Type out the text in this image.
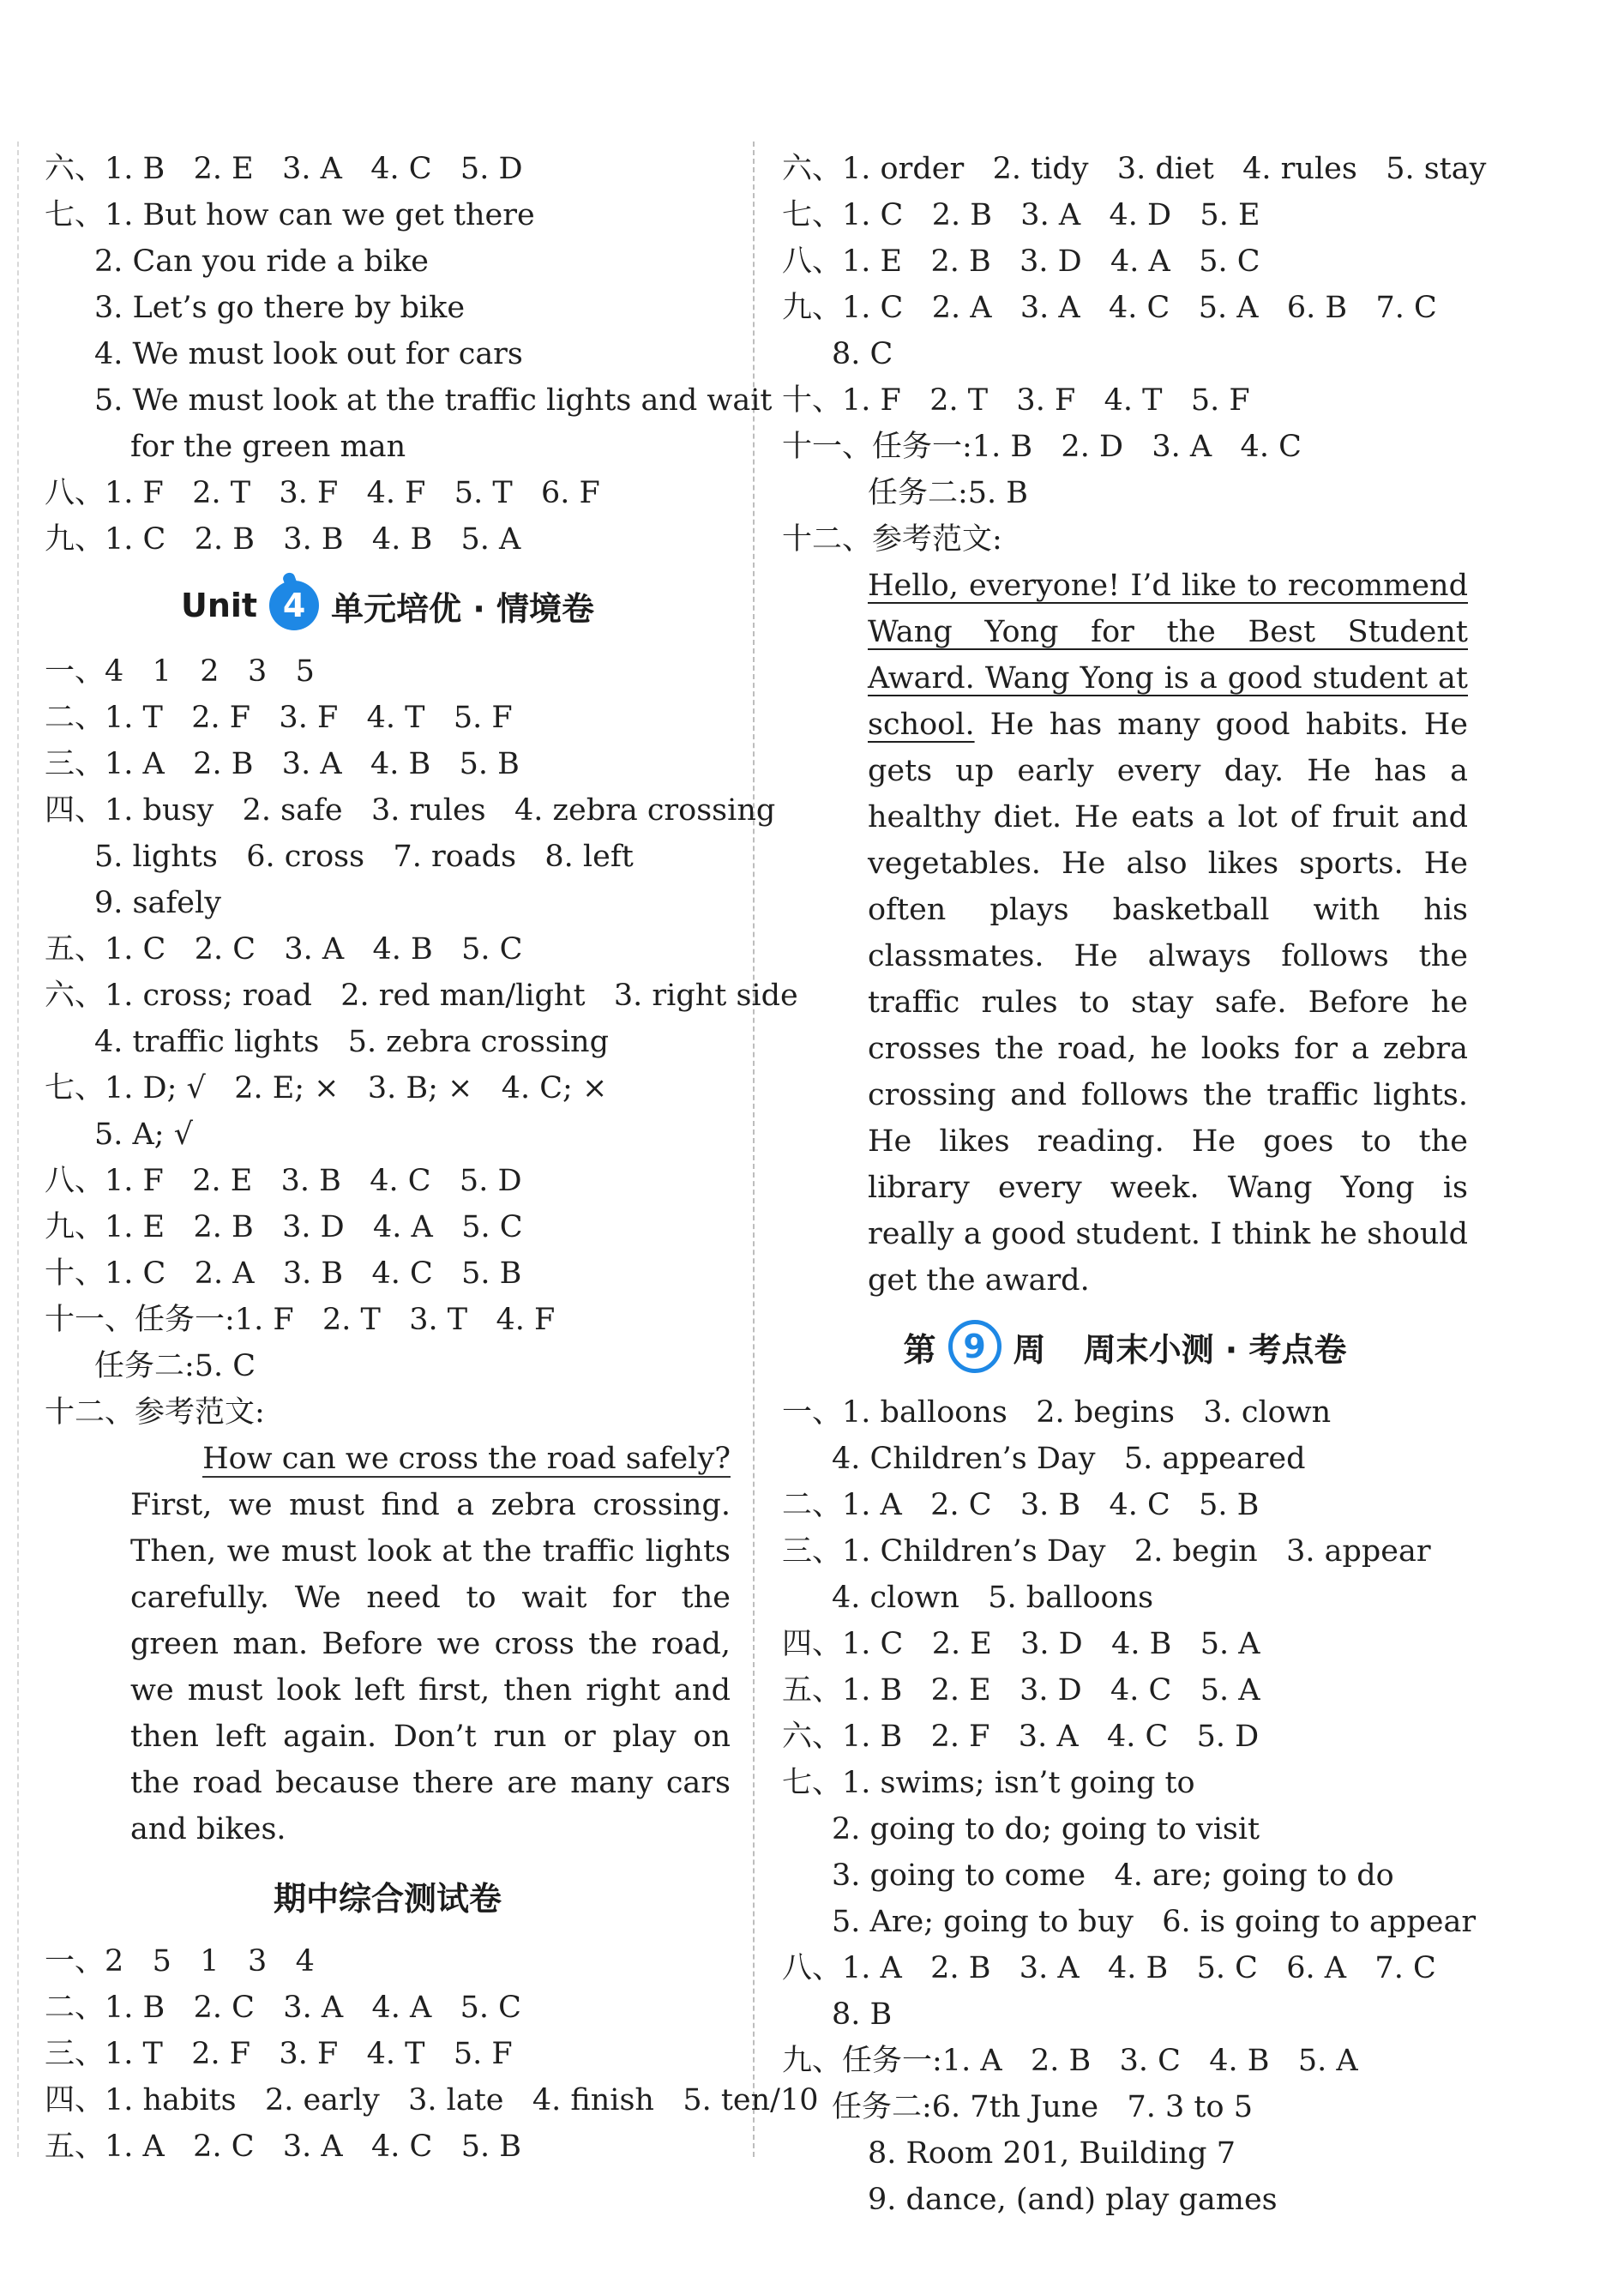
六、1. B   2. E   3. A   4. C   5. D
七、1. But how can we get there
2. Can you ride a bike
3. Let’s go there by bike
4. We must look out for cars
5. We must look at the traffic lights and wait
for the green man
八、1. F   2. T   3. F   4. F   5. T   6. F
九、1. C   2. B   3. B   4. B   5. A
Unit 4 单元培优 · 情境卷
一、4   1   2   3   5
二、1. T   2. F   3. F   4. T   5. F
三、1. A   2. B   3. A   4. B   5. B
四、1. busy   2. safe   3. rules   4. zebra crossing
5. lights   6. cross   7. roads   8. left
9. safely
五、1. C   2. C   3. A   4. B   5. C
六、1. cross; road   2. red man/light   3. right side
4. traffic lights   5. zebra crossing
七、1. D; √   2. E; ×   3. B; ×   4. C; ×
5. A; √
八、1. F   2. E   3. B   4. C   5. D
九、1. E   2. B   3. D   4. A   5. C
十、1. C   2. A   3. B   4. C   5. B
十一、任务一:1. F   2. T   3. T   4. F
任务二:5. C
十二、参考范文:
How can we cross the road safely?
First, we must find a zebra crossing. Then, we must look at the traffic lights carefully. We need to wait for the green man. Before we cross the road, we must look left first, then right and then left again. Don’t run or play on the road because there are many cars and bikes.
期中综合测试卷
一、2   5   1   3   4
二、1. B   2. C   3. A   4. A   5. C
三、1. T   2. F   3. F   4. T   5. F
四、1. habits   2. early   3. late   4. finish   5. ten/10
五、1. A   2. C   3. A   4. C   5. B
六、1. order   2. tidy   3. diet   4. rules   5. stay
七、1. C   2. B   3. A   4. D   5. E
八、1. E   2. B   3. D   4. A   5. C
九、1. C   2. A   3. A   4. C   5. A   6. B   7. C
8. C
十、1. F   2. T   3. F   4. T   5. F
十一、任务一:1. B   2. D   3. A   4. C
任务二:5. B
十二、参考范文:
Hello, everyone! I’d like to recommend Wang Yong for the Best Student Award. Wang Yong is a good student at school. He has many good habits. He gets up early every day. He has a healthy diet. He eats a lot of fruit and vegetables. He also likes sports. He often plays basketball with his classmates. He always follows the traffic rules to stay safe. Before he crosses the road, he looks for a zebra crossing and follows the traffic lights. He likes reading. He goes to the library every week. Wang Yong is really a good student. I think he should get the award.
第 9 周 周末小测 · 考点卷
一、1. balloons   2. begins   3. clown
4. Children’s Day   5. appeared
二、1. A   2. C   3. B   4. C   5. B
三、1. Children’s Day   2. begin   3. appear
4. clown   5. balloons
四、1. C   2. E   3. D   4. B   5. A
五、1. B   2. E   3. D   4. C   5. A
六、1. B   2. F   3. A   4. C   5. D
七、1. swims; isn’t going to
2. going to do; going to visit
3. going to come   4. are; going to do
5. Are; going to buy   6. is going to appear
八、1. A   2. B   3. A   4. B   5. C   6. A   7. C
8. B
九、任务一:1. A   2. B   3. C   4. B   5. A
任务二:6. 7th June   7. 3 to 5
8. Room 201, Building 7
9. dance, (and) play games
